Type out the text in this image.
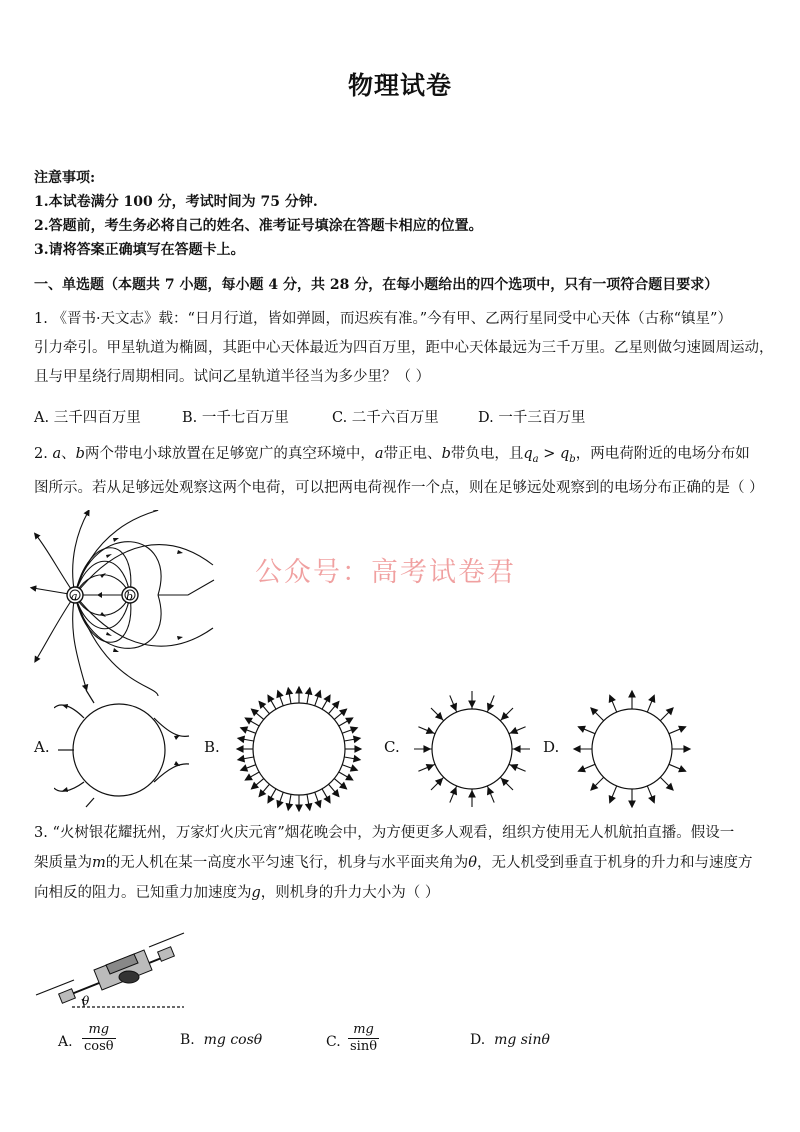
物理试卷
注意事项:
1.本试卷满分 100 分，考试时间为 75 分钟.
2.答题前，考生务必将自己的姓名、准考证号填涂在答题卡相应的位置。
3.请将答案正确填写在答题卡上。
一、单选题（本题共 7 小题，每小题 4 分，共 28 分，在每小题给出的四个选项中，只有一项符合题目要求）
1. 《晋书·天文志》载：“日月行道，皆如弹圆，而迟疾有准。”今有甲、乙两行星同受中心天体（古称“镇星”）
引力牵引。甲星轨道为椭圆，其距中心天体最近为四百万里，距中心天体最远为三千万里。乙星则做匀速圆周运动，
且与甲星绕行周期相同。试问乙星轨道半径当为多少里？（ ）
A. 三千四百万里	B. 一千七百万里	C. 二千六百万里	D. 一千三百万里
2. a、b两个带电小球放置在足够宽广的真空环境中，a带正电、b带负电，且$q_a > q_b$，两电荷附近的电场分布如
图所示。若从足够远处观察这两个电荷，可以把两电荷视作一个点，则在足够远处观察到的电场分布正确的是（ ）
公众号：高考试卷君
a	b
A.	B.	C.	D.
3. “火树银花耀抚州，万家灯火庆元宵”烟花晚会中，为方便更多人观看，组织方使用无人机航拍直播。假设一
架质量为m的无人机在某一高度水平匀速飞行，机身与水平面夹角为θ，无人机受到垂直于机身的升力和与速度方
向相反的阻力。已知重力加速度为g，则机身的升力大小为（ ）
θ
A. $\frac{mg}{\cos\theta}$	B. mg cosθ	C. $\frac{mg}{\sin\theta}$	D. mg sinθ
